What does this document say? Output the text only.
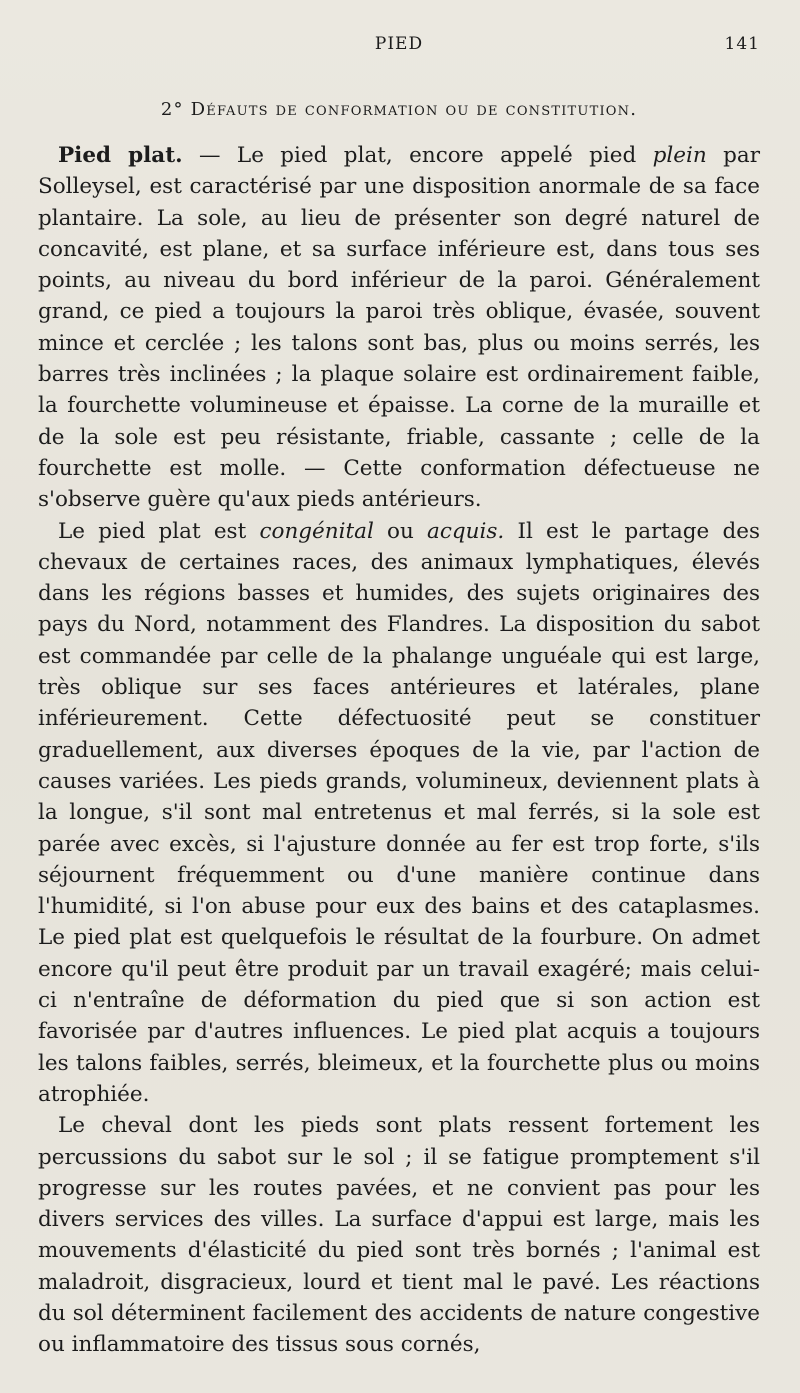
PIED	141
2° Défauts de conformation ou de constitution.

Pied plat. — Le pied plat, encore appelé pied plein par Solleysel, est caractérisé par une disposition anormale de sa face plantaire. La sole, au lieu de présenter son degré naturel de concavité, est plane, et sa surface inférieure est, dans tous ses points, au niveau du bord inférieur de la paroi. Généralement grand, ce pied a toujours la paroi très oblique, évasée, souvent mince et cerclée ; les talons sont bas, plus ou moins serrés, les barres très inclinées ; la plaque solaire est ordinairement faible, la fourchette volumineuse et épaisse. La corne de la muraille et de la sole est peu résistante, friable, cassante ; celle de la fourchette est molle. — Cette conformation défectueuse ne s'observe guère qu'aux pieds antérieurs.

Le pied plat est congénital ou acquis. Il est le partage des chevaux de certaines races, des animaux lymphatiques, élevés dans les régions basses et humides, des sujets originaires des pays du Nord, notamment des Flandres. La disposition du sabot est commandée par celle de la phalange unguéale qui est large, très oblique sur ses faces antérieures et latérales, plane inférieurement. Cette défectuosité peut se constituer graduellement, aux diverses époques de la vie, par l'action de causes variées. Les pieds grands, volumineux, deviennent plats à la longue, s'il sont mal entretenus et mal ferrés, si la sole est parée avec excès, si l'ajusture donnée au fer est trop forte, s'ils séjournent fréquemment ou d'une manière continue dans l'humidité, si l'on abuse pour eux des bains et des cataplasmes. Le pied plat est quelquefois le résultat de la fourbure. On admet encore qu'il peut être produit par un travail exagéré; mais celui-ci n'entraîne de déformation du pied que si son action est favorisée par d'autres influences. Le pied plat acquis a toujours les talons faibles, serrés, bleimeux, et la fourchette plus ou moins atrophiée.

Le cheval dont les pieds sont plats ressent fortement les percussions du sabot sur le sol ; il se fatigue promptement s'il progresse sur les routes pavées, et ne convient pas pour les divers services des villes. La surface d'appui est large, mais les mouvements d'élasticité du pied sont très bornés ; l'animal est maladroit, disgracieux, lourd et tient mal le pavé. Les réactions du sol déterminent facilement des accidents de nature congestive ou inflammatoire des tissus sous cornés,
